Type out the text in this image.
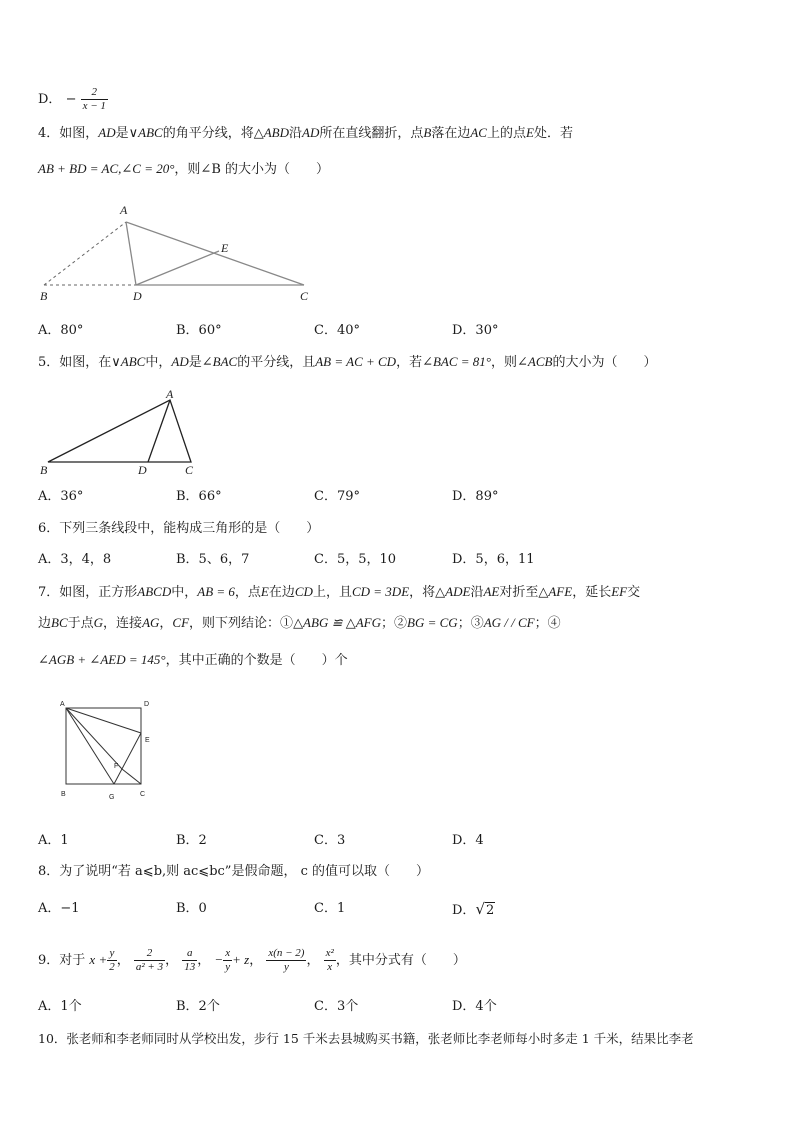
D． − $\frac{2}{x - 1}$
4．如图，AD是∨ABC的角平分线，将△ABD沿AD所在直线翻折，点B落在边AC上的点E处．若
AB + BD = AC,∠C = 20°，则∠B 的大小为（　　）
A
E
B	D	C
A．80°	B．60°	C．40°	D．30°
5．如图，在∨ABC中，AD是∠BAC的平分线，且AB = AC + CD，若∠BAC = 81°，则∠ACB的大小为（　　）
A
B	D	C
A．36°	B．66°	C．79°	D．89°
6．下列三条线段中，能构成三角形的是（　　）
A．3，4，8	B．5、6，7	C．5，5，10	D．5，6，11
7．如图，正方形ABCD中，AB = 6，点E在边CD上，且CD = 3DE，将△ADE沿AE对折至△AFE，延长EF交
边BC于点G，连接AG，CF，则下列结论：①△ABG ≌ △AFG；②BG = CG；③AG / / CF；④
∠AGB + ∠AED = 145°，其中正确的个数是（　　）个
A	D
E
F
B	G	C
A．1	B．2	C．3	D．4
8．为了说明“若 a⩽b,则 ac⩽bc”是假命题， c 的值可以取（　　）
A．−1	B．0	C．1	D．√2
9．对于 $x + \frac{y}{2}$ ， $\frac{2}{\text{a² + 3}}$ ， $\frac{a}{13}$ ， − $\frac{x}{y} + z$， $\frac{x(n - 2)}{y}$ ， $\frac{\text{x²}}{x}$ ，其中分式有（　　）
A．1个	B．2个	C．3个	D．4个
10．张老师和李老师同时从学校出发，步行 15 千米去县城购买书籍，张老师比李老师每小时多走 1 千米，结果比李老
